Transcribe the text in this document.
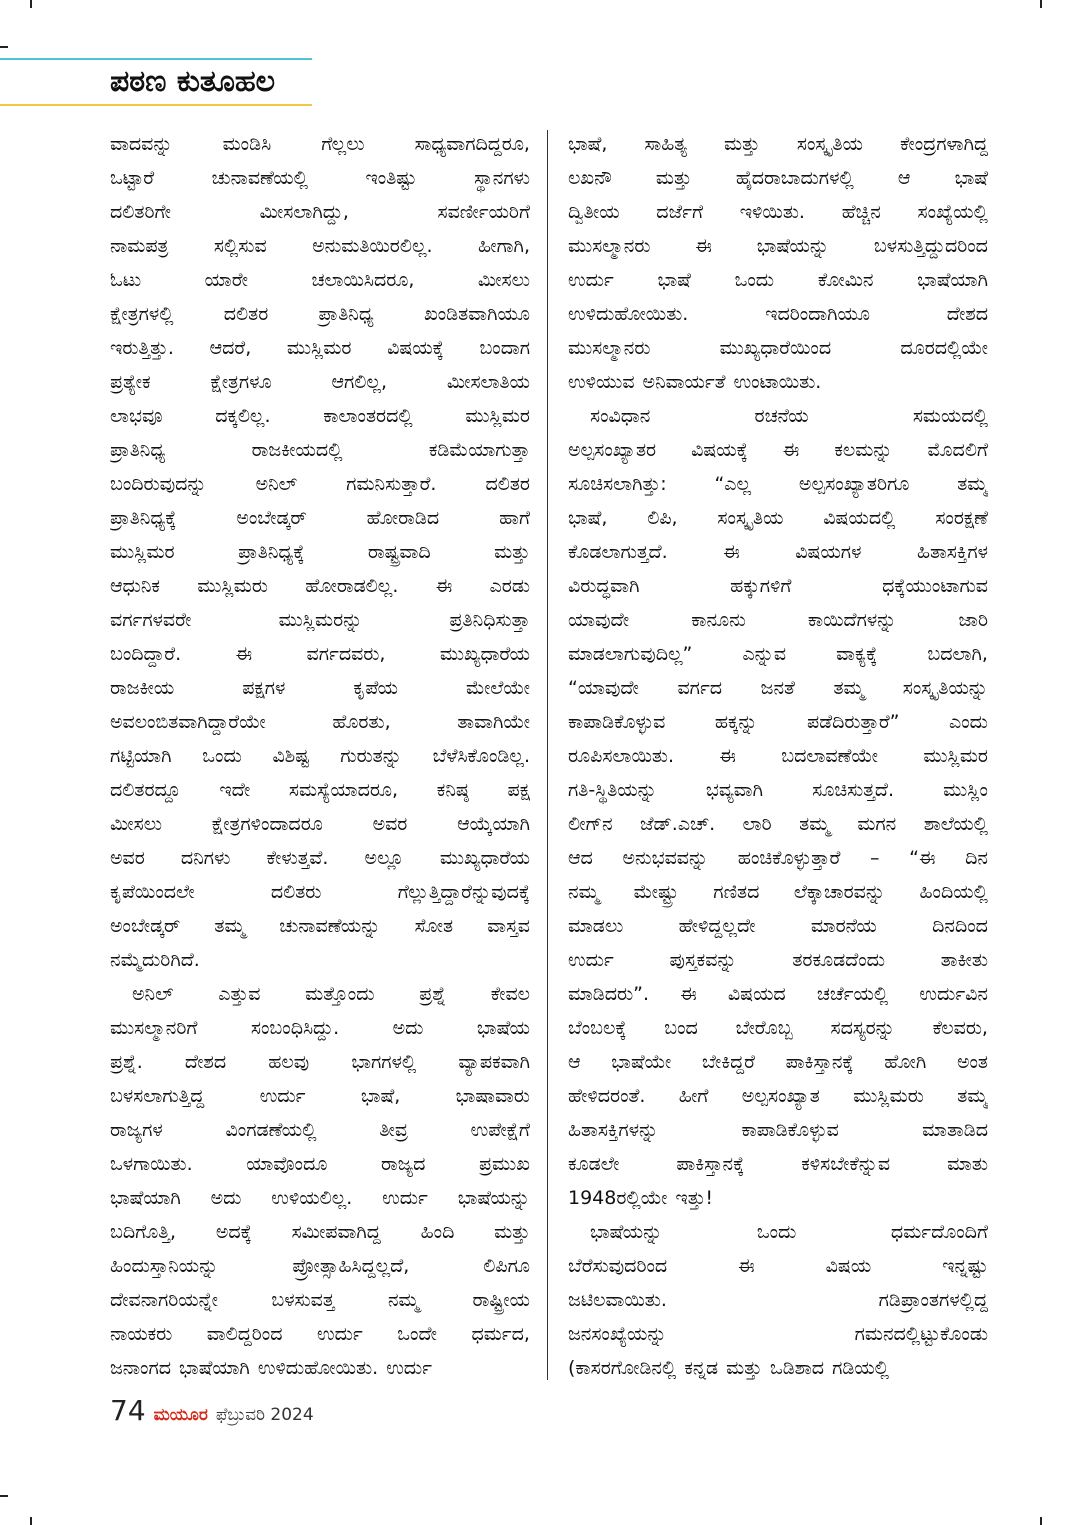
ಪಠಣ ಕುತೂಹಲ
ವಾದವನ್ನು	ಮಂಡಿಸಿ	ಗೆಲ್ಲಲು	ಸಾಧ್ಯವಾಗದಿದ್ದರೂ,
ಒಟ್ಟಾರೆ	ಚುನಾವಣೆಯಲ್ಲಿ	ಇಂತಿಷ್ಟು	ಸ್ಥಾನಗಳು
ದಲಿತರಿಗೇ	ಮೀಸಲಾಗಿದ್ದು,	ಸವರ್ಣೀಯರಿಗೆ
ನಾಮಪತ್ರ ಸಲ್ಲಿಸುವ ಅನುಮತಿಯಿರಲಿಲ್ಲ. ಹೀಗಾಗಿ,
ಓಟು	ಯಾರೇ	ಚಲಾಯಿಸಿದರೂ,	ಮೀಸಲು
ಕ್ಷೇತ್ರಗಳಲ್ಲಿ	ದಲಿತರ	ಪ್ರಾತಿನಿಧ್ಯ	ಖಂಡಿತವಾಗಿಯೂ
ಇರುತ್ತಿತ್ತು. ಆದರೆ, ಮುಸ್ಲಿಮರ ವಿಷಯಕ್ಕೆ ಬಂದಾಗ
ಪ್ರತ್ಯೇಕ	ಕ್ಷೇತ್ರಗಳೂ	ಆಗಲಿಲ್ಲ,	ಮೀಸಲಾತಿಯ
ಲಾಭವೂ	ದಕ್ಕಲಿಲ್ಲ.	ಕಾಲಾಂತರದಲ್ಲಿ	ಮುಸ್ಲಿಮರ
ಪ್ರಾತಿನಿಧ್ಯ	ರಾಜಕೀಯದಲ್ಲಿ	ಕಡಿಮೆಯಾಗುತ್ತಾ
ಬಂದಿರುವುದನ್ನು	ಅನಿಲ್	ಗಮನಿಸುತ್ತಾರೆ.	ದಲಿತರ
ಪ್ರಾತಿನಿಧ್ಯಕ್ಕೆ	ಅಂಬೇಡ್ಕರ್	ಹೋರಾಡಿದ	ಹಾಗೆ
ಮುಸ್ಲಿಮರ	ಪ್ರಾತಿನಿಧ್ಯಕ್ಕೆ	ರಾಷ್ಟ್ರವಾದಿ	ಮತ್ತು
ಆಧುನಿಕ ಮುಸ್ಲಿಮರು ಹೋರಾಡಲಿಲ್ಲ. ಈ ಎರಡು
ವರ್ಗಗಳವರೇ	ಮುಸ್ಲಿಮರನ್ನು	ಪ್ರತಿನಿಧಿಸುತ್ತಾ
ಬಂದಿದ್ದಾರೆ.	ಈ	ವರ್ಗದವರು,	ಮುಖ್ಯಧಾರೆಯ
ರಾಜಕೀಯ	ಪಕ್ಷಗಳ	ಕೃಪೆಯ	ಮೇಲೆಯೇ
ಅವಲಂಬಿತವಾಗಿದ್ದಾರೆಯೇ	ಹೊರತು,	ತಾವಾಗಿಯೇ
ಗಟ್ಟಿಯಾಗಿ ಒಂದು ವಿಶಿಷ್ಟ ಗುರುತನ್ನು ಬೆಳೆಸಿಕೊಂಡಿಲ್ಲ.
ದಲಿತರದ್ದೂ ಇದೇ ಸಮಸ್ಯೆಯಾದರೂ, ಕನಿಷ್ಠ ಪಕ್ಷ
ಮೀಸಲು	ಕ್ಷೇತ್ರಗಳಿಂದಾದರೂ	ಅವರ	ಆಯ್ಕೆಯಾಗಿ
ಅವರ ದನಿಗಳು ಕೇಳುತ್ತವೆ. ಅಲ್ಲೂ ಮುಖ್ಯಧಾರೆಯ
ಕೃಪೆಯಿಂದಲೇ	ದಲಿತರು	ಗೆಲ್ಲುತ್ತಿದ್ದಾರೆನ್ನುವುದಕ್ಕೆ
ಅಂಬೇಡ್ಕರ್ ತಮ್ಮ ಚುನಾವಣೆಯನ್ನು ಸೋತ ವಾಸ್ತವ
ನಮ್ಮೆದುರಿಗಿದೆ.
ಅನಿಲ್ ಎತ್ತುವ ಮತ್ತೊಂದು ಪ್ರಶ್ನೆ ಕೇವಲ
ಮುಸಲ್ಮಾನರಿಗೆ	ಸಂಬಂಧಿಸಿದ್ದು.	ಅದು	ಭಾಷೆಯ
ಪ್ರಶ್ನೆ. ದೇಶದ ಹಲವು ಭಾಗಗಳಲ್ಲಿ ವ್ಯಾಪಕವಾಗಿ
ಬಳಸಲಾಗುತ್ತಿದ್ದ	ಉರ್ದು	ಭಾಷೆ,	ಭಾಷಾವಾರು
ರಾಜ್ಯಗಳ	ವಿಂಗಡಣೆಯಲ್ಲಿ	ತೀವ್ರ	ಉಪೇಕ್ಷೆಗೆ
ಒಳಗಾಯಿತು.	ಯಾವೊಂದೂ	ರಾಜ್ಯದ	ಪ್ರಮುಖ
ಭಾಷೆಯಾಗಿ ಅದು ಉಳಿಯಲಿಲ್ಲ. ಉರ್ದು ಭಾಷೆಯನ್ನು
ಬದಿಗೊತ್ತಿ, ಅದಕ್ಕೆ ಸಮೀಪವಾಗಿದ್ದ ಹಿಂದಿ ಮತ್ತು
ಹಿಂದುಸ್ತಾನಿಯನ್ನು	ಪ್ರೋತ್ಸಾಹಿಸಿದ್ದಲ್ಲದೆ,	ಲಿಪಿಗೂ
ದೇವನಾಗರಿಯನ್ನೇ	ಬಳಸುವತ್ತ	ನಮ್ಮ	ರಾಷ್ಟ್ರೀಯ
ನಾಯಕರು ವಾಲಿದ್ದರಿಂದ ಉರ್ದು ಒಂದೇ ಧರ್ಮದ,
ಜನಾಂಗದ ಭಾಷೆಯಾಗಿ ಉಳಿದುಹೋಯಿತು. ಉರ್ದು
ಭಾಷೆ, ಸಾಹಿತ್ಯ ಮತ್ತು ಸಂಸ್ಕೃತಿಯ ಕೇಂದ್ರಗಳಾಗಿದ್ದ
ಲಖನೌ ಮತ್ತು ಹೈದರಾಬಾದುಗಳಲ್ಲಿ ಆ ಭಾಷೆ
ದ್ವಿತೀಯ ದರ್ಜೆಗೆ ಇಳಿಯಿತು. ಹೆಚ್ಚಿನ ಸಂಖ್ಯೆಯಲ್ಲಿ
ಮುಸಲ್ಮಾನರು ಈ ಭಾಷೆಯನ್ನು ಬಳಸುತ್ತಿದ್ದುದರಿಂದ
ಉರ್ದು ಭಾಷೆ ಒಂದು ಕೋಮಿನ ಭಾಷೆಯಾಗಿ
ಉಳಿದುಹೋಯಿತು.	ಇದರಿಂದಾಗಿಯೂ	ದೇಶದ
ಮುಸಲ್ಮಾನರು	ಮುಖ್ಯಧಾರೆಯಿಂದ	ದೂರದಲ್ಲಿಯೇ
ಉಳಿಯುವ ಅನಿವಾರ್ಯತೆ ಉಂಟಾಯಿತು.
ಸಂವಿಧಾನ	ರಚನೆಯ	ಸಮಯದಲ್ಲಿ
ಅಲ್ಪಸಂಖ್ಯಾತರ ವಿಷಯಕ್ಕೆ ಈ ಕಲಮನ್ನು ಮೊದಲಿಗೆ
ಸೂಚಿಸಲಾಗಿತ್ತು:	“ಎಲ್ಲ	ಅಲ್ಪಸಂಖ್ಯಾತರಿಗೂ	ತಮ್ಮ
ಭಾಷೆ, ಲಿಪಿ, ಸಂಸ್ಕೃತಿಯ ವಿಷಯದಲ್ಲಿ ಸಂರಕ್ಷಣೆ
ಕೊಡಲಾಗುತ್ತದೆ.	ಈ	ವಿಷಯಗಳ	ಹಿತಾಸಕ್ತಿಗಳ
ವಿರುದ್ಧವಾಗಿ	ಹಕ್ಕುಗಳಿಗೆ	ಧಕ್ಕೆಯುಂಟಾಗುವ
ಯಾವುದೇ	ಕಾನೂನು	ಕಾಯಿದೆಗಳನ್ನು	ಜಾರಿ
ಮಾಡಲಾಗುವುದಿಲ್ಲ”	ಎನ್ನುವ	ವಾಕ್ಯಕ್ಕೆ	ಬದಲಾಗಿ,
“ಯಾವುದೇ ವರ್ಗದ ಜನತೆ ತಮ್ಮ ಸಂಸ್ಕೃತಿಯನ್ನು
ಕಾಪಾಡಿಕೊಳ್ಳುವ	ಹಕ್ಕನ್ನು	ಪಡೆದಿರುತ್ತಾರೆ”	ಎಂದು
ರೂಪಿಸಲಾಯಿತು. ಈ ಬದಲಾವಣೆಯೇ ಮುಸ್ಲಿಮರ
ಗತಿ-ಸ್ಥಿತಿಯನ್ನು	ಭವ್ಯವಾಗಿ	ಸೂಚಿಸುತ್ತದೆ.	ಮುಸ್ಲಿಂ
ಲೀಗ್‌ನ ಜೆಡ್.ಎಚ್. ಲಾರಿ ತಮ್ಮ ಮಗನ ಶಾಲೆಯಲ್ಲಿ
ಆದ ಅನುಭವವನ್ನು ಹಂಚಿಕೊಳ್ಳುತ್ತಾರೆ – “ಈ ದಿನ
ನಮ್ಮ ಮೇಷ್ಟ್ರು ಗಣಿತದ ಲೆಕ್ಕಾಚಾರವನ್ನು ಹಿಂದಿಯಲ್ಲಿ
ಮಾಡಲು	ಹೇಳಿದ್ದಲ್ಲದೇ	ಮಾರನೆಯ	ದಿನದಿಂದ
ಉರ್ದು	ಪುಸ್ತಕವನ್ನು	ತರಕೂಡದೆಂದು	ತಾಕೀತು
ಮಾಡಿದರು”. ಈ ವಿಷಯದ ಚರ್ಚೆಯಲ್ಲಿ ಉರ್ದುವಿನ
ಬೆಂಬಲಕ್ಕೆ ಬಂದ ಬೇರೊಬ್ಬ ಸದಸ್ಯರನ್ನು ಕೆಲವರು,
ಆ ಭಾಷೆಯೇ ಬೇಕಿದ್ದರೆ ಪಾಕಿಸ್ತಾನಕ್ಕೆ ಹೋಗಿ ಅಂತ
ಹೇಳಿದರಂತೆ. ಹೀಗೆ ಅಲ್ಪಸಂಖ್ಯಾತ ಮುಸ್ಲಿಮರು ತಮ್ಮ
ಹಿತಾಸಕ್ತಿಗಳನ್ನು	ಕಾಪಾಡಿಕೊಳ್ಳುವ	ಮಾತಾಡಿದ
ಕೂಡಲೇ	ಪಾಕಿಸ್ತಾನಕ್ಕೆ	ಕಳಿಸಬೇಕೆನ್ನುವ	ಮಾತು
1948ರಲ್ಲಿಯೇ ಇತ್ತು!
ಭಾಷೆಯನ್ನು	ಒಂದು	ಧರ್ಮದೊಂದಿಗೆ
ಬೆರೆಸುವುದರಿಂದ	ಈ	ವಿಷಯ	ಇನ್ನಷ್ಟು
ಜಟಿಲವಾಯಿತು.	ಗಡಿಪ್ರಾಂತಗಳಲ್ಲಿದ್ದ
ಜನಸಂಖ್ಯೆಯನ್ನು	ಗಮನದಲ್ಲಿಟ್ಟುಕೊಂಡು
(ಕಾಸರಗೋಡಿನಲ್ಲಿ ಕನ್ನಡ ಮತ್ತು ಒಡಿಶಾದ ಗಡಿಯಲ್ಲಿ
74 ಮಯೂರ ಫೆಬ್ರುವರಿ 2024
